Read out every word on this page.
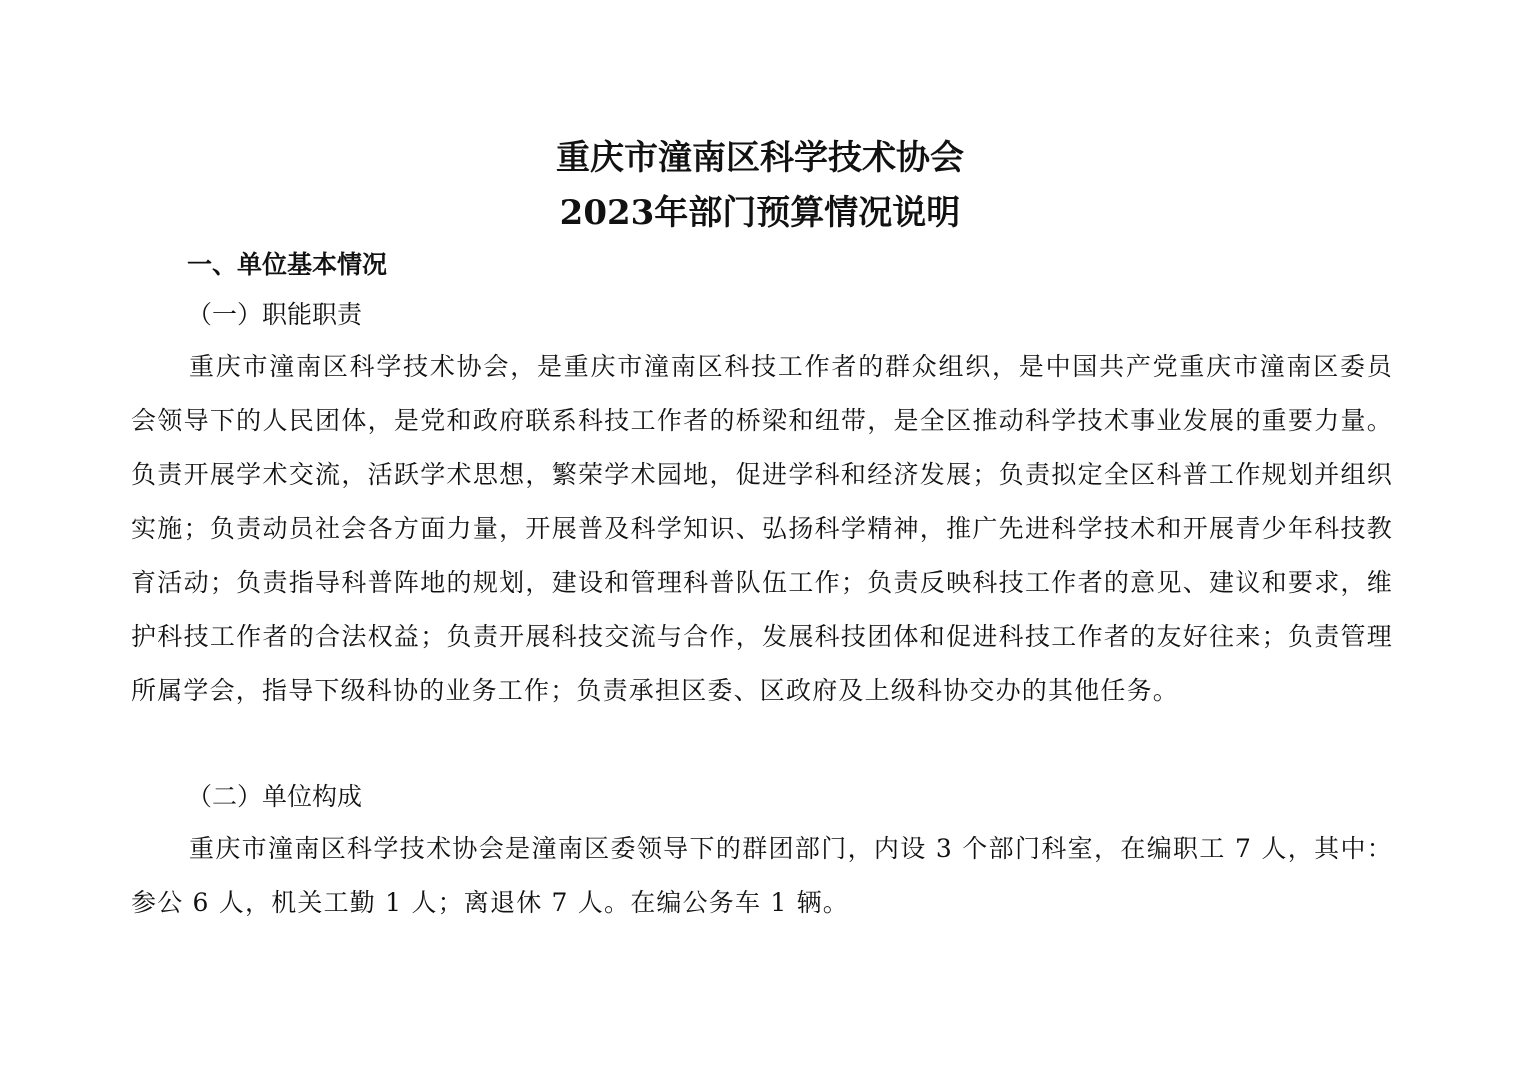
重庆市潼南区科学技术协会
2023年部门预算情况说明
一、单位基本情况
（一）职能职责

重庆市潼南区科学技术协会，是重庆市潼南区科技工作者的群众组织，是中国共产党重庆市潼南区委员会领导下的人民团体，是党和政府联系科技工作者的桥梁和纽带，是全区推动科学技术事业发展的重要力量。负责开展学术交流，活跃学术思想，繁荣学术园地，促进学科和经济发展；负责拟定全区科普工作规划并组织实施；负责动员社会各方面力量，开展普及科学知识、弘扬科学精神，推广先进科学技术和开展青少年科技教育活动；负责指导科普阵地的规划，建设和管理科普队伍工作；负责反映科技工作者的意见、建议和要求，维护科技工作者的合法权益；负责开展科技交流与合作，发展科技团体和促进科技工作者的友好往来；负责管理所属学会，指导下级科协的业务工作；负责承担区委、区政府及上级科协交办的其他任务。

（二）单位构成

重庆市潼南区科学技术协会是潼南区委领导下的群团部门，内设 3 个部门科室，在编职工 7 人，其中：参公 6 人，机关工勤 1 人；离退休 7 人。在编公务车 1 辆。
